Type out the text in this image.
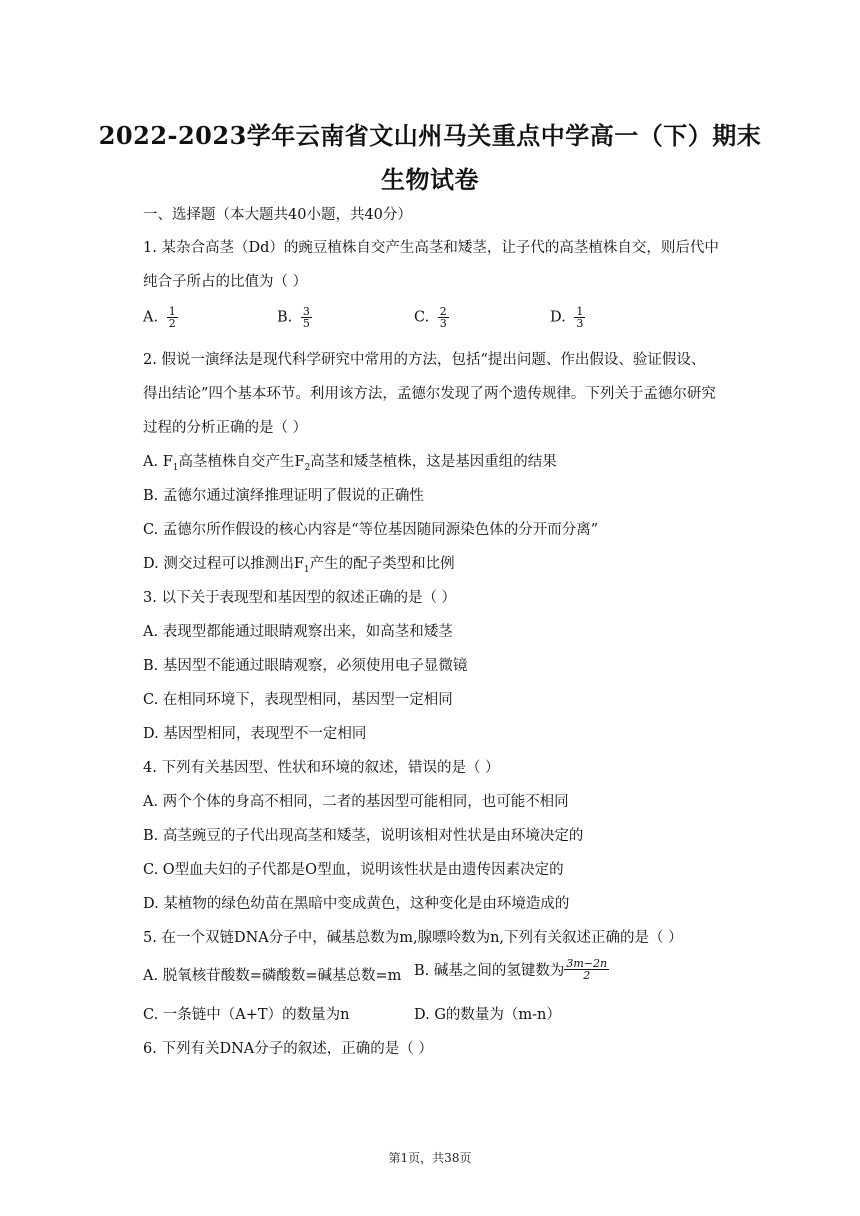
2022-2023学年云南省文山州马关重点中学高一（下）期末
生物试卷
一、选择题（本大题共40小题，共40分）
1. 某杂合高茎（Dd）的豌豆植株自交产生高茎和矮茎，让子代的高茎植株自交，则后代中
纯合子所占的比值为（ ）
A. $\frac{1}{2}$	B. $\frac{3}{5}$	C. $\frac{2}{3}$	D. $\frac{1}{3}$
2. 假说一演绎法是现代科学研究中常用的方法，包括“提出问题、作出假设、验证假设、
得出结论”四个基本环节。利用该方法，孟德尔发现了两个遗传规律。下列关于孟德尔研究
过程的分析正确的是（ ）
A. $F_1$高茎植株自交产生$F_2$高茎和矮茎植株，这是基因重组的结果
B. 孟德尔通过演绎推理证明了假说的正确性
C. 孟德尔所作假设的核心内容是“等位基因随同源染色体的分开而分离”
D. 测交过程可以推测出$F_1$产生的配子类型和比例
3. 以下关于表现型和基因型的叙述正确的是（ ）
A. 表现型都能通过眼睛观察出来，如高茎和矮茎
B. 基因型不能通过眼睛观察，必须使用电子显微镜
C. 在相同环境下，表现型相同，基因型一定相同
D. 基因型相同，表现型不一定相同
4. 下列有关基因型、性状和环境的叙述，错误的是（ ）
A. 两个个体的身高不相同，二者的基因型可能相同，也可能不相同
B. 高茎豌豆的子代出现高茎和矮茎，说明该相对性状是由环境决定的
C. O型血夫妇的子代都是O型血，说明该性状是由遗传因素决定的
D. 某植物的绿色幼苗在黑暗中变成黄色，这种变化是由环境造成的
5. 在一个双链DNA分子中，碱基总数为m,腺嘌呤数为n,下列有关叙述正确的是（ ）
A. 脱氧核苷酸数=磷酸数=碱基总数=m B. 碱基之间的氢键数为 $\frac{3m-2n}{2}$
C. 一条链中（A+T）的数量为n	D. G的数量为（m-n）
6. 下列有关DNA分子的叙述，正确的是（ ）
第1页，共38页
